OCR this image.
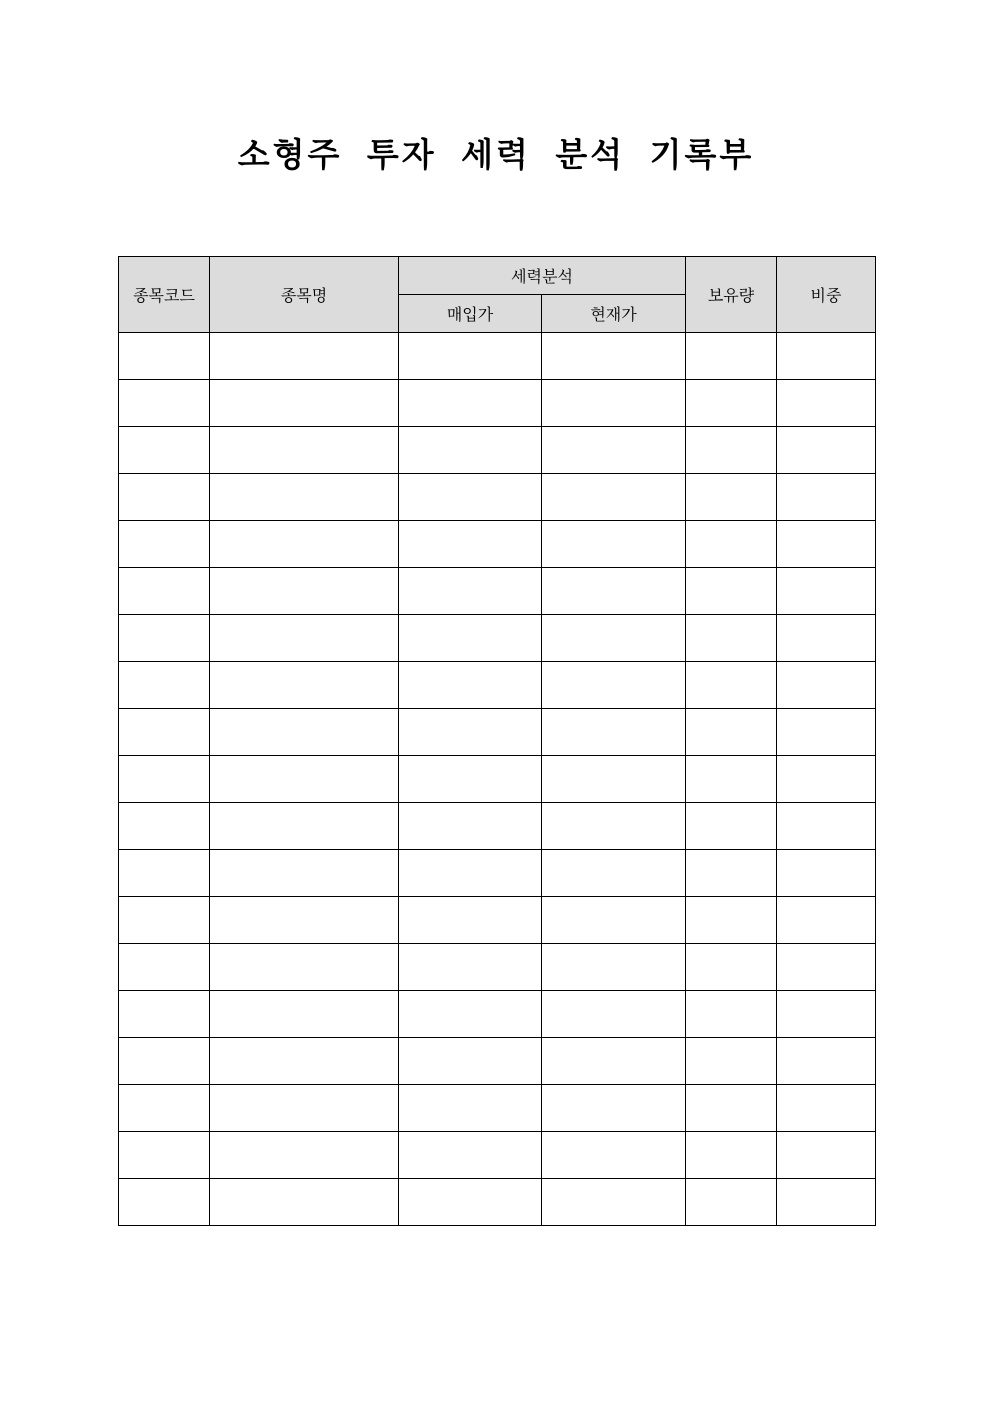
소형주 투자 세력 분석 기록부
종목코드	종목명	세력분석		보유량	비중
		매입가	현재가		
